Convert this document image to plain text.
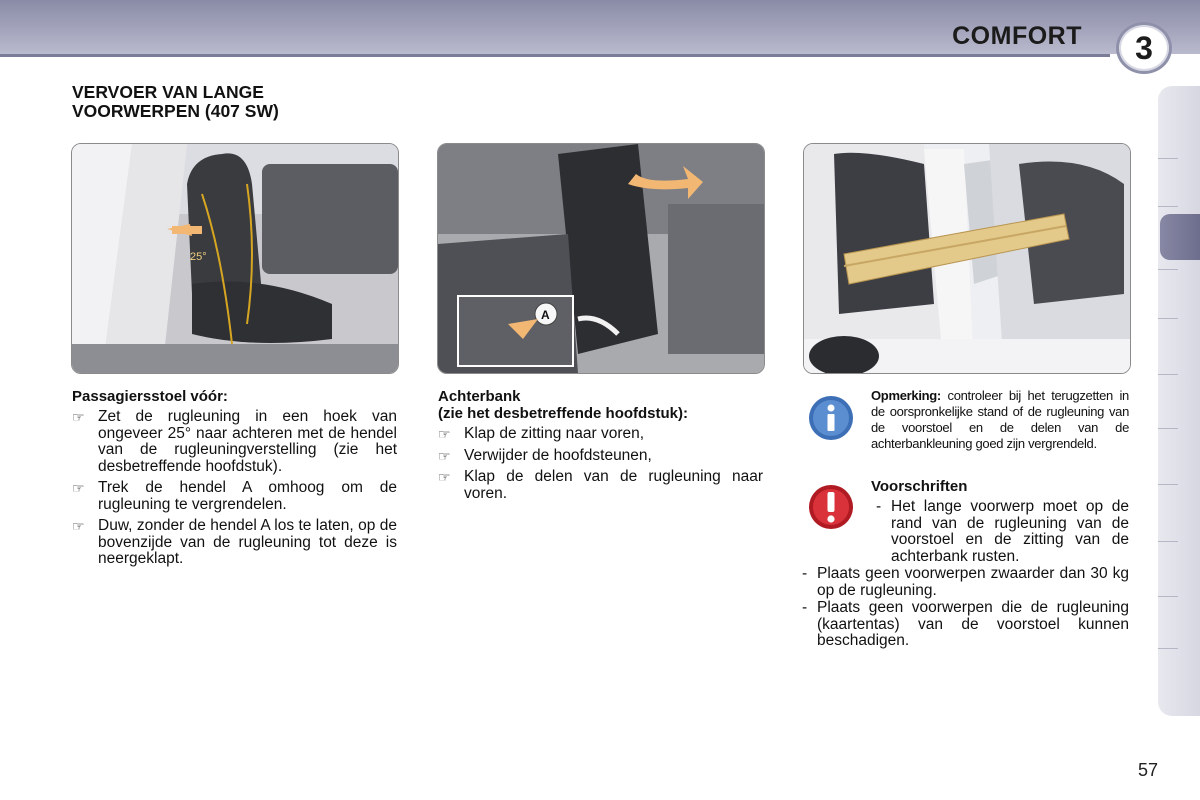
COMFORT	3
VERVOER VAN LANGE
VOORWERPEN (407 SW)
25°
A
Passagiersstoel vóór:
☞ Zet de rugleuning in een hoek van ongeveer 25° naar achteren met de hendel van de rugleuningverstelling (zie het desbetreffende hoofdstuk).
☞ Trek de hendel A omhoog om de rugleuning te vergrendelen.
☞ Duw, zonder de hendel A los te laten, op de bovenzijde van de rugleuning tot deze is neergeklapt.
Achterbank
(zie het desbetreffende hoofdstuk):
☞ Klap de zitting naar voren,
☞ Verwijder de hoofdsteunen,
☞ Klap de delen van de rugleuning naar voren.
Opmerking: controleer bij het terugzetten in de oorspronkelijke stand of de rugleuning van de voorstoel en de delen van de achterbankleuning goed zijn vergrendeld.
Voorschriften
- Het lange voorwerp moet op de rand van de rugleuning van de voorstoel en de zitting van de achterbank rusten.
- Plaats geen voorwerpen zwaarder dan 30 kg op de rugleuning.
- Plaats geen voorwerpen die de rugleuning (kaartentas) van de voorstoel kunnen beschadigen.
57
